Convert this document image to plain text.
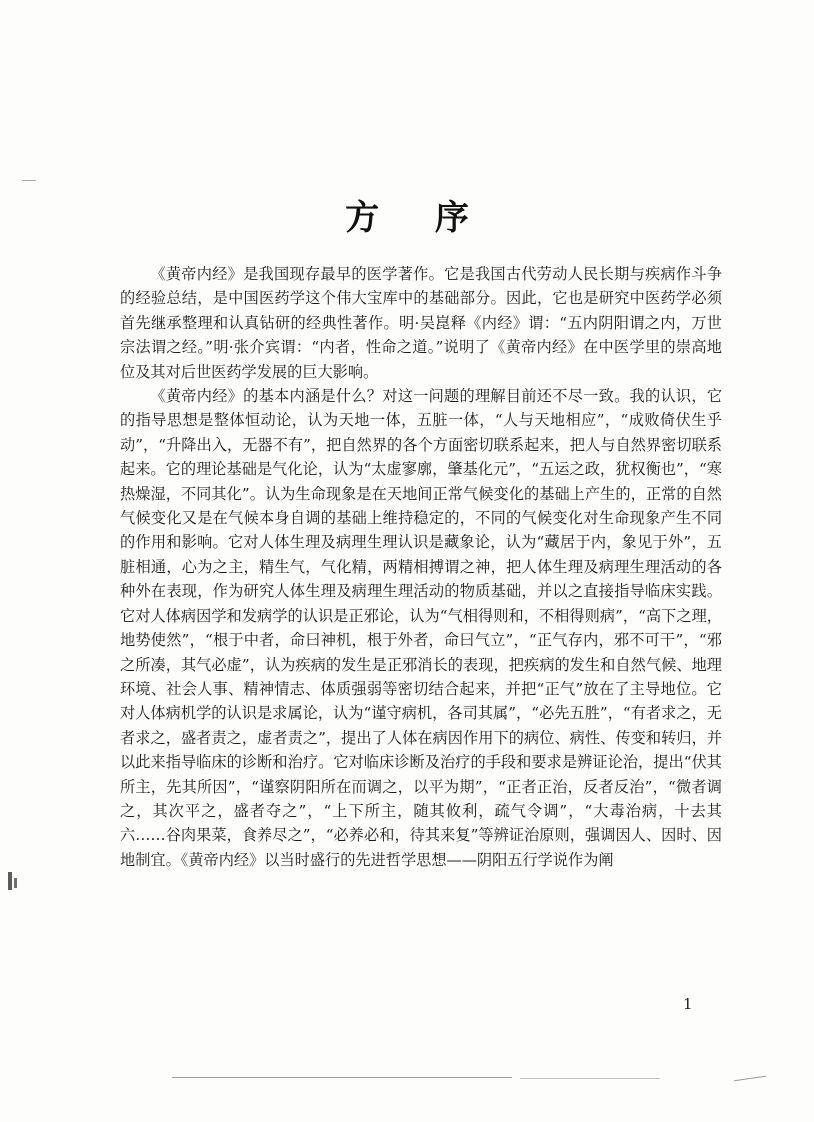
方 序

《黄帝内经》是我国现存最早的医学著作。它是我国古代劳动人民长期与疾病作斗争的经验总结，是中国医药学这个伟大宝库中的基础部分。因此，它也是研究中医药学必须首先继承整理和认真钻研的经典性著作。明·吴崑释《内经》谓：“五内阴阳谓之内，万世宗法谓之经。”明·张介宾谓：“内者，性命之道。”说明了《黄帝内经》在中医学里的崇高地位及其对后世医药学发展的巨大影响。

《黄帝内经》的基本内涵是什么？对这一问题的理解目前还不尽一致。我的认识，它的指导思想是整体恒动论，认为天地一体，五脏一体，“人与天地相应”，“成败倚伏生乎动”，“升降出入，无器不有”，把自然界的各个方面密切联系起来，把人与自然界密切联系起来。它的理论基础是气化论，认为“太虚寥廓，肇基化元”，“五运之政，犹权衡也”，“寒热燥湿，不同其化”。认为生命现象是在天地间正常气候变化的基础上产生的，正常的自然气候变化又是在气候本身自调的基础上维持稳定的，不同的气候变化对生命现象产生不同的作用和影响。它对人体生理及病理生理认识是藏象论，认为“藏居于内，象见于外”，五脏相通，心为之主，精生气，气化精，两精相搏谓之神，把人体生理及病理生理活动的各种外在表现，作为研究人体生理及病理生理活动的物质基础，并以之直接指导临床实践。它对人体病因学和发病学的认识是正邪论，认为“气相得则和，不相得则病”，“高下之理，地势使然”，“根于中者，命曰神机，根于外者，命曰气立”，“正气存内，邪不可干”，“邪之所凑，其气必虚”，认为疾病的发生是正邪消长的表现，把疾病的发生和自然气候、地理环境、社会人事、精神情志、体质强弱等密切结合起来，并把“正气”放在了主导地位。它对人体病机学的认识是求属论，认为“谨守病机，各司其属”，“必先五胜”，“有者求之，无者求之，盛者责之，虚者责之”，提出了人体在病因作用下的病位、病性、传变和转归，并以此来指导临床的诊断和治疗。它对临床诊断及治疗的手段和要求是辨证论治，提出“伏其所主，先其所因”，“谨察阴阳所在而调之，以平为期”，“正者正治，反者反治”，“微者调之，其次平之，盛者夺之”，“上下所主，随其攸利，疏气令调”，“大毒治病，十去其六……谷肉果菜，食养尽之”，“必养必和，待其来复”等辨证治原则，强调因人、因时、因地制宜。《黄帝内经》以当时盛行的先进哲学思想——阴阳五行学说作为阐

1
